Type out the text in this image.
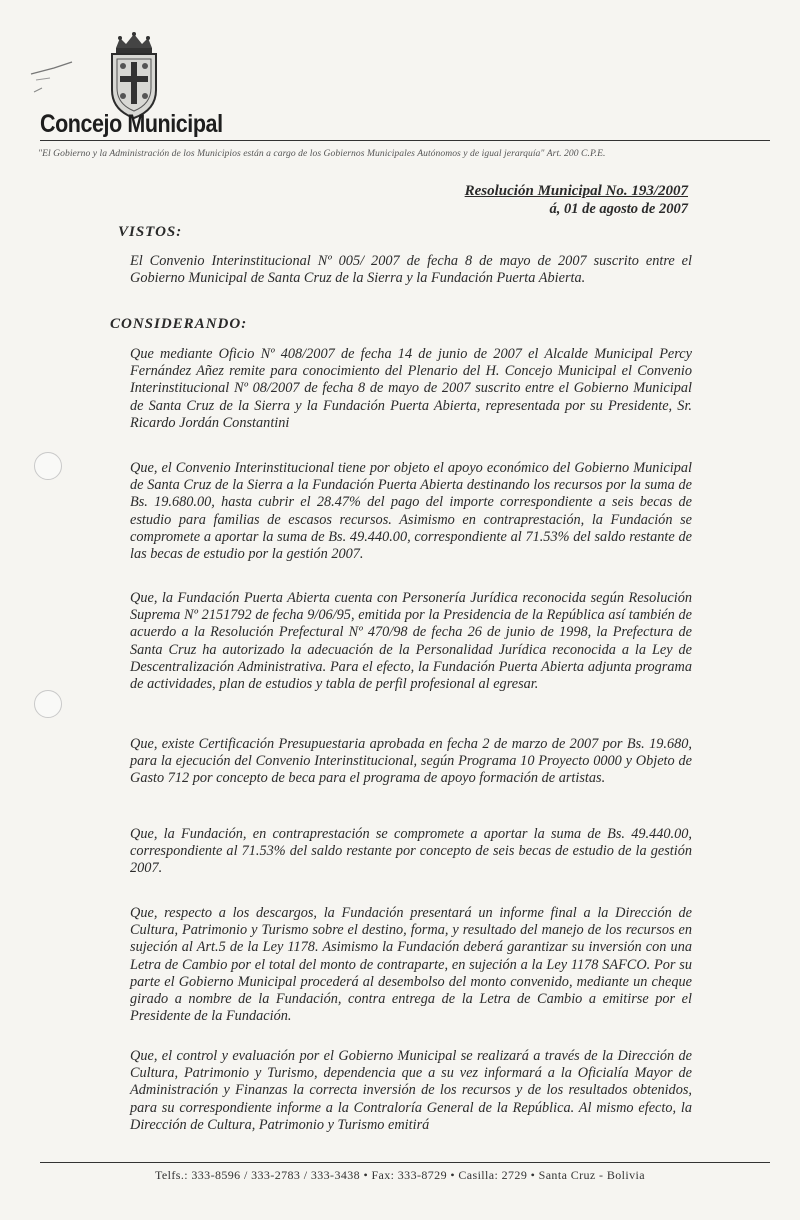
Concejo Municipal
"El Gobierno y la Administración de los Municipios están a cargo de los Gobiernos Municipales Autónomos y de igual jerarquía" Art. 200 C.P.E.
Resolución Municipal No. 193/2007
á, 01 de agosto de 2007
VISTOS:
El Convenio Interinstitucional Nº 005/ 2007 de fecha 8 de mayo de 2007 suscrito entre el Gobierno Municipal de Santa Cruz de la Sierra y la Fundación Puerta Abierta.
CONSIDERANDO:
Que mediante Oficio Nº 408/2007 de fecha 14 de junio de 2007 el Alcalde Municipal Percy Fernández Añez remite para conocimiento del Plenario del H. Concejo Municipal el Convenio Interinstitucional Nº 08/2007 de fecha 8 de mayo de 2007 suscrito entre el Gobierno Municipal de Santa Cruz de la Sierra y la Fundación Puerta Abierta, representada por su Presidente, Sr. Ricardo Jordán Constantini
Que, el Convenio Interinstitucional tiene por objeto el apoyo económico del Gobierno Municipal de Santa Cruz de la Sierra a la Fundación Puerta Abierta destinando los recursos por la suma de Bs. 19.680.00, hasta cubrir el 28.47% del pago del importe correspondiente a seis becas de estudio para familias de escasos recursos. Asimismo en contraprestación, la Fundación se compromete a aportar la suma de Bs. 49.440.00, correspondiente al 71.53% del saldo restante de las becas de estudio por la gestión 2007.
Que, la Fundación Puerta Abierta cuenta con Personería Jurídica reconocida según Resolución Suprema Nº 2151792 de fecha 9/06/95, emitida por la Presidencia de la República así también de acuerdo a la Resolución Prefectural Nº 470/98 de fecha 26 de junio de 1998, la Prefectura de Santa Cruz ha autorizado la adecuación de la Personalidad Jurídica reconocida a la Ley de Descentralización Administrativa. Para el efecto, la Fundación Puerta Abierta adjunta programa de actividades, plan de estudios y tabla de perfil profesional al egresar.
Que, existe Certificación Presupuestaria aprobada en fecha 2 de marzo de 2007 por Bs. 19.680, para la ejecución del Convenio Interinstitucional, según Programa 10 Proyecto 0000 y Objeto de Gasto 712 por concepto de beca para el programa de apoyo formación de artistas.
Que, la Fundación, en contraprestación se compromete a aportar la suma de Bs. 49.440.00, correspondiente al 71.53% del saldo restante por concepto de seis becas de estudio de la gestión 2007.
Que, respecto a los descargos, la Fundación presentará un informe final a la Dirección de Cultura, Patrimonio y Turismo sobre el destino, forma, y resultado del manejo de los recursos en sujeción al Art.5 de la Ley 1178. Asimismo la Fundación deberá garantizar su inversión con una Letra de Cambio por el total del monto de contraparte, en sujeción a la Ley 1178 SAFCO. Por su parte el Gobierno Municipal procederá al desembolso del monto convenido, mediante un cheque girado a nombre de la Fundación, contra entrega de la Letra de Cambio a emitirse por el Presidente de la Fundación.
Que, el control y evaluación por el Gobierno Municipal se realizará a través de la Dirección de Cultura, Patrimonio y Turismo, dependencia que a su vez informará a la Oficialía Mayor de Administración y Finanzas la correcta inversión de los recursos y de los resultados obtenidos, para su correspondiente informe a la Contraloría General de la República. Al mismo efecto, la Dirección de Cultura, Patrimonio y Turismo emitirá
Telfs.: 333-8596 / 333-2783 / 333-3438 • Fax: 333-8729 • Casilla: 2729 • Santa Cruz - Bolivia
